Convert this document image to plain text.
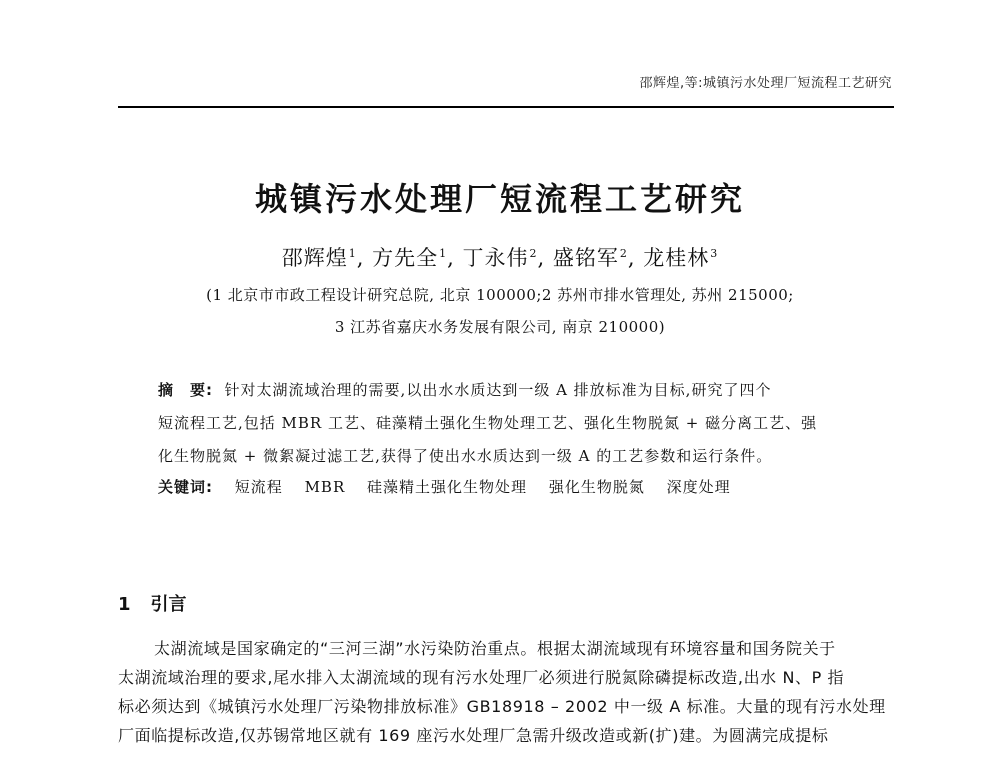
邵辉煌,等:城镇污水处理厂短流程工艺研究
城镇污水处理厂短流程工艺研究
邵辉煌$^1$, 方先全$^1$, 丁永伟$^2$, 盛铭军$^2$, 龙桂林$^3$
(1 北京市市政工程设计研究总院, 北京 100000;2 苏州市排水管理处, 苏州 215000;
3 江苏省嘉庆水务发展有限公司, 南京 210000)
摘　要: 针对太湖流域治理的需要,以出水水质达到一级 A 排放标准为目标,研究了四个
短流程工艺,包括 MBR 工艺、硅藻精土强化生物处理工艺、强化生物脱氮 + 磁分离工艺、强
化生物脱氮 + 微絮凝过滤工艺,获得了使出水水质达到一级 A 的工艺参数和运行条件。
关键词: 短流程 MBR 硅藻精土强化生物处理 强化生物脱氮 深度处理
1 引言
太湖流域是国家确定的“三河三湖”水污染防治重点。根据太湖流域现有环境容量和国务院关于
太湖流域治理的要求,尾水排入太湖流域的现有污水处理厂必须进行脱氮除磷提标改造,出水 N、P 指
标必须达到《城镇污水处理厂污染物排放标准》GB18918 – 2002 中一级 A 标准。大量的现有污水处理
厂面临提标改造,仅苏锡常地区就有 169 座污水处理厂急需升级改造或新(扩)建。为圆满完成提标
